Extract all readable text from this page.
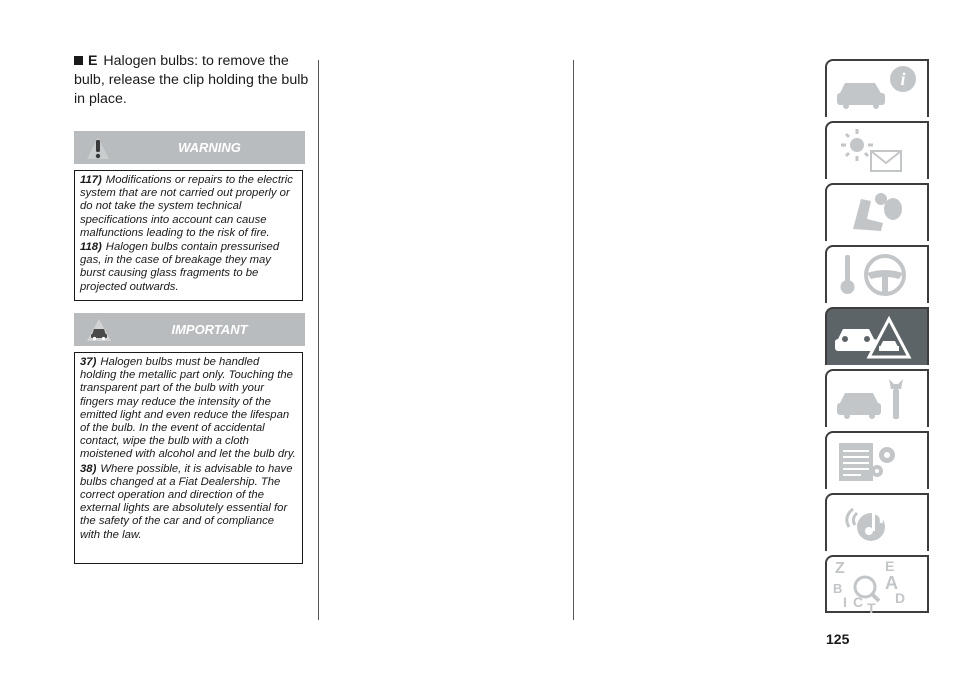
E Halogen bulbs: to remove the bulb, release the clip holding the bulb in place.
WARNING

117) Modifications or repairs to the electric system that are not carried out properly or do not take the system technical specifications into account can cause malfunctions leading to the risk of fire.

118) Halogen bulbs contain pressurised gas, in the case of breakage they may burst causing glass fragments to be projected outwards.

IMPORTANT

37) Halogen bulbs must be handled holding the metallic part only. Touching the transparent part of the bulb with your fingers may reduce the intensity of the emitted light and even reduce the lifespan of the bulb. In the event of accidental contact, wipe the bulb with a cloth moistened with alcohol and let the bulb dry.

38) Where possible, it is advisable to have bulbs changed at a Fiat Dealership. The correct operation and direction of the external lights are absolutely essential for the safety of the car and of compliance with the law.

i
Z	E
B A
I C T
D
125
